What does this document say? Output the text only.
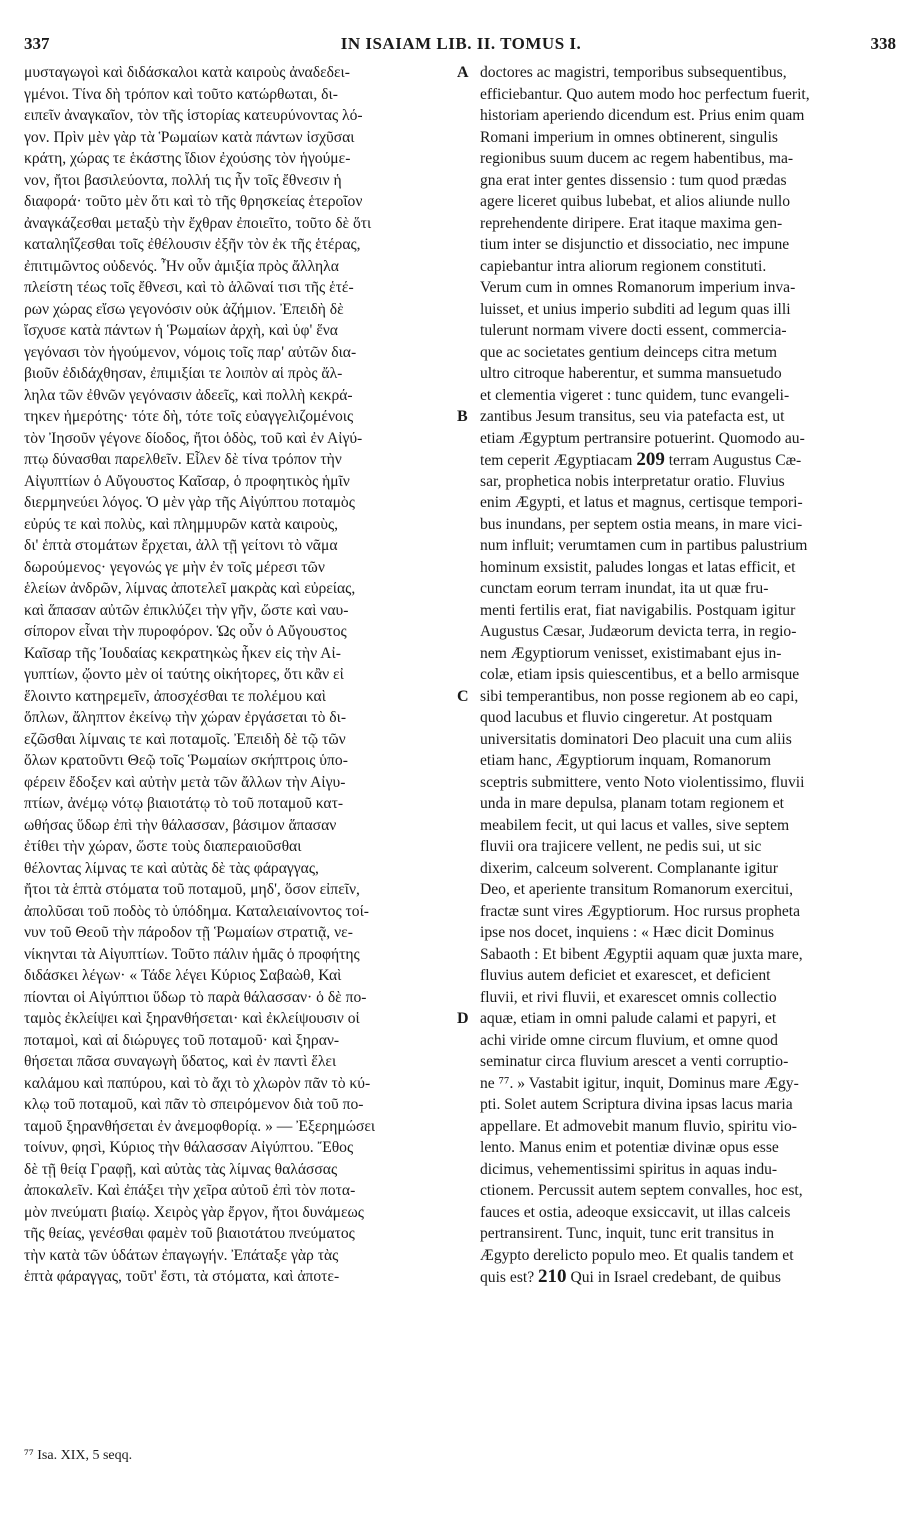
337	IN ISAIAM LIB. II. TOMUS I.	338
μυσταγωγοὶ καὶ διδάσκαλοι κατὰ καιροὺς ἀναδεδει-
γμένοι. Τίνα δὴ τρόπον καὶ τοῦτο κατώρθωται, δι-
ειπεῖν ἀναγκαῖον, τὸν τῆς ἱστορίας κατευρύνοντας λό-
γον. Πρὶν μὲν γὰρ τὰ Ῥωμαίων κατὰ πάντων ἰσχῦσαι
κράτη, χώρας τε ἑκάστης ἴδιον ἐχούσης τὸν ἡγούμε-
νον, ἤτοι βασιλεύοντα, πολλή τις ἦν τοῖς ἔθνεσιν ἡ
διαφορά· τοῦτο μὲν ὅτι καὶ τὸ τῆς θρησκείας ἑτεροῖον
ἀναγκάζεσθαι μεταξὺ τὴν ἔχθραν ἐποιεῖτο, τοῦτο δὲ ὅτι
καταληΐζεσθαι τοῖς ἐθέλουσιν ἐξῆν τὸν ἐκ τῆς ἑτέρας,
ἐπιτιμῶντος οὐδενός. Ἦν οὖν ἀμιξία πρὸς ἄλληλα
πλείστη τέως τοῖς ἔθνεσι, καὶ τὸ ἁλῶναί τισι τῆς ἑτέ-
ρων χώρας εἴσω γεγονόσιν οὐκ ἀζήμιον. Ἐπειδὴ δὲ
ἴσχυσε κατὰ πάντων ἡ Ῥωμαίων ἀρχὴ, καὶ ὑφ' ἕνα
γεγόνασι τὸν ἡγούμενον, νόμοις τοῖς παρ' αὐτῶν δια-
βιοῦν ἐδιδάχθησαν, ἐπιμιξίαι τε λοιπὸν αἱ πρὸς ἄλ-
ληλα τῶν ἐθνῶν γεγόνασιν ἀδεεῖς, καὶ πολλὴ κεκρά-
τηκεν ἡμερότης· τότε δὴ, τότε τοῖς εὐαγγελιζομένοις
τὸν Ἰησοῦν γέγονε δίοδος, ἤτοι ὁδὸς, τοῦ καὶ ἐν Αἰγύ-
πτῳ δύνασθαι παρελθεῖν. Εἷλεν δὲ τίνα τρόπον τὴν
Αἰγυπτίων ὁ Αὔγουστος Καῖσαρ, ὁ προφητικὸς ἡμῖν
διερμηνεύει λόγος. Ὁ μὲν γὰρ τῆς Αἰγύπτου ποταμὸς
εὐρύς τε καὶ πολὺς, καὶ πλημμυρῶν κατὰ καιροὺς,
δι' ἑπτὰ στομάτων ἔρχεται, ἀλλ τῇ γείτονι τὸ νᾶμα
δωρούμενος· γεγονώς γε μὴν ἐν τοῖς μέρεσι τῶν
ἑλείων ἀνδρῶν, λίμνας ἀποτελεῖ μακρὰς καὶ εὐρείας,
καὶ ἅπασαν αὐτῶν ἐπικλύζει τὴν γῆν, ὥστε καὶ ναυ-
σίπορον εἶναι τὴν πυροφόρον. Ὡς οὖν ὁ Αὔγουστος
Καῖσαρ τῆς Ἰουδαίας κεκρατηκὼς ἧκεν εἰς τὴν Αἰ-
γυπτίων, ᾤοντο μὲν οἱ ταύτης οἰκήτορες, ὅτι κἂν εἰ
ἕλοιντο κατηρεμεῖν, ἀποσχέσθαι τε πολέμου καὶ
ὅπλων, ἄληπτον ἐκείνῳ τὴν χώραν ἐργάσεται τὸ δι-
εζῶσθαι λίμναις τε καὶ ποταμοῖς. Ἐπειδὴ δὲ τῷ τῶν
ὅλων κρατοῦντι Θεῷ τοῖς Ῥωμαίων σκήπτροις ὑπο-
φέρειν ἔδοξεν καὶ αὐτὴν μετὰ τῶν ἄλλων τὴν Αἰγυ-
πτίων, ἀνέμῳ νότῳ βιαιοτάτῳ τὸ τοῦ ποταμοῦ κατ-
ωθήσας ὕδωρ ἐπὶ τὴν θάλασσαν, βάσιμον ἅπασαν
ἐτίθει τὴν χώραν, ὥστε τοὺς διαπεραιοῦσθαι
θέλοντας λίμνας τε καὶ αὐτὰς δὲ τὰς φάραγγας,
ἤτοι τὰ ἑπτὰ στόματα τοῦ ποταμοῦ, μηδ', ὅσον εἰπεῖν,
ἀπολῦσαι τοῦ ποδὸς τὸ ὑπόδημα. Καταλειαίνοντος τοί-
νυν τοῦ Θεοῦ τὴν πάροδον τῇ Ῥωμαίων στρατιᾷ, νε-
νίκηνται τὰ Αἰγυπτίων. Τοῦτο πάλιν ἡμᾶς ὁ προφήτης
διδάσκει λέγων· « Τάδε λέγει Κύριος Σαβαὼθ, Καὶ
πίονται οἱ Αἰγύπτιοι ὕδωρ τὸ παρὰ θάλασσαν· ὁ δὲ πο-
ταμὸς ἐκλείψει καὶ ξηρανθήσεται· καὶ ἐκλείψουσιν οἱ
ποταμοὶ, καὶ αἱ διώρυγες τοῦ ποταμοῦ· καὶ ξηραν-
θήσεται πᾶσα συναγωγὴ ὕδατος, καὶ ἐν παντὶ ἕλει
καλάμου καὶ παπύρου, καὶ τὸ ἄχι τὸ χλωρὸν πᾶν τὸ κύ-
κλῳ τοῦ ποταμοῦ, καὶ πᾶν τὸ σπειρόμενον διὰ τοῦ πο-
ταμοῦ ξηρανθήσεται ἐν ἀνεμοφθορίᾳ. » — Ἐξερημώσει
τοίνυν, φησὶ, Κύριος τὴν θάλασσαν Αἰγύπτου. Ἔθος
δὲ τῇ θείᾳ Γραφῇ, καὶ αὐτὰς τὰς λίμνας θαλάσσας
ἀποκαλεῖν. Καὶ ἐπάξει τὴν χεῖρα αὐτοῦ ἐπὶ τὸν ποτα-
μὸν πνεύματι βιαίῳ. Χειρὸς γὰρ ἔργον, ἤτοι δυνάμεως
τῆς θείας, γενέσθαι φαμὲν τοῦ βιαιοτάτου πνεύματος
τὴν κατὰ τῶν ὑδάτων ἐπαγωγήν. Ἐπάταξε γὰρ τὰς
ἑπτὰ φάραγγας, τοῦτ' ἔστι, τὰ στόματα, καὶ ἀποτε-
doctores ac magistri, temporibus subsequentibus,
efficiebantur. Quo autem modo hoc perfectum fuerit,
historiam aperiendo dicendum est. Prius enim quam
Romani imperium in omnes obtinerent, singulis
regionibus suum ducem ac regem habentibus, ma-
gna erat inter gentes dissensio : tum quod prædas
agere liceret quibus lubebat, et alios aliunde nullo
reprehendente diripere. Erat itaque maxima gen-
tium inter se disjunctio et dissociatio, nec impune
capiebantur intra aliorum regionem constituti.
Verum cum in omnes Romanorum imperium inva-
luisset, et unius imperio subditi ad legum quas illi
tulerunt normam vivere docti essent, commercia-
que ac societates gentium deinceps citra metum
ultro citroque haberentur, et summa mansuetudo
et clementia vigeret : tunc quidem, tunc evangeli-
zantibus Jesum transitus, seu via patefacta est, ut
etiam Ægyptum pertransire potuerint. Quomodo au-
tem ceperit Ægyptiacam 209 terram Augustus Cæ-
sar, prophetica nobis interpretatur oratio. Fluvius
enim Ægypti, et latus et magnus, certisque tempori-
bus inundans, per septem ostia means, in mare vici-
num influit; verumtamen cum in partibus palustrium
hominum exsistit, paludes longas et latas efficit, et
cunctam eorum terram inundat, ita ut quæ fru-
menti fertilis erat, fiat navigabilis. Postquam igitur
Augustus Cæsar, Judæorum devicta terra, in regio-
nem Ægyptiorum venisset, existimabant ejus in-
colæ, etiam ipsis quiescentibus, et a bello armisque
sibi temperantibus, non posse regionem ab eo capi,
quod lacubus et fluvio cingeretur. At postquam
universitatis dominatori Deo placuit una cum aliis
etiam hanc, Ægyptiorum inquam, Romanorum
sceptris submittere, vento Noto violentissimo, fluvii
unda in mare depulsa, planam totam regionem et
meabilem fecit, ut qui lacus et valles, sive septem
fluvii ora trajicere vellent, ne pedis sui, ut sic
dixerim, calceum solverent. Complanante igitur
Deo, et aperiente transitum Romanorum exercitui,
fractæ sunt vires Ægyptiorum. Hoc rursus propheta
ipse nos docet, inquiens : « Hæc dicit Dominus
Sabaoth : Et bibent Ægyptii aquam quæ juxta mare,
fluvius autem deficiet et exarescet, et deficient
fluvii, et rivi fluvii, et exarescet omnis collectio
aquæ, etiam in omni palude calami et papyri, et
achi viride omne circum fluvium, et omne quod
seminatur circa fluvium arescet a venti corruptio-
ne ⁷⁷. » Vastabit igitur, inquit, Dominus mare Ægy-
pti. Solet autem Scriptura divina ipsas lacus maria
appellare. Et admovebit manum fluvio, spiritu vio-
lento. Manus enim et potentiæ divinæ opus esse
dicimus, vehementissimi spiritus in aquas indu-
ctionem. Percussit autem septem convalles, hoc est,
fauces et ostia, adeoque exsiccavit, ut illas calceis
pertransirent. Tunc, inquit, tunc erit transitus in
Ægypto derelicto populo meo. Et qualis tandem et
quis est? 210 Qui in Israel credebant, de quibus
A
B
C
D
⁷⁷ Isa. XIX, 5 seqq.
